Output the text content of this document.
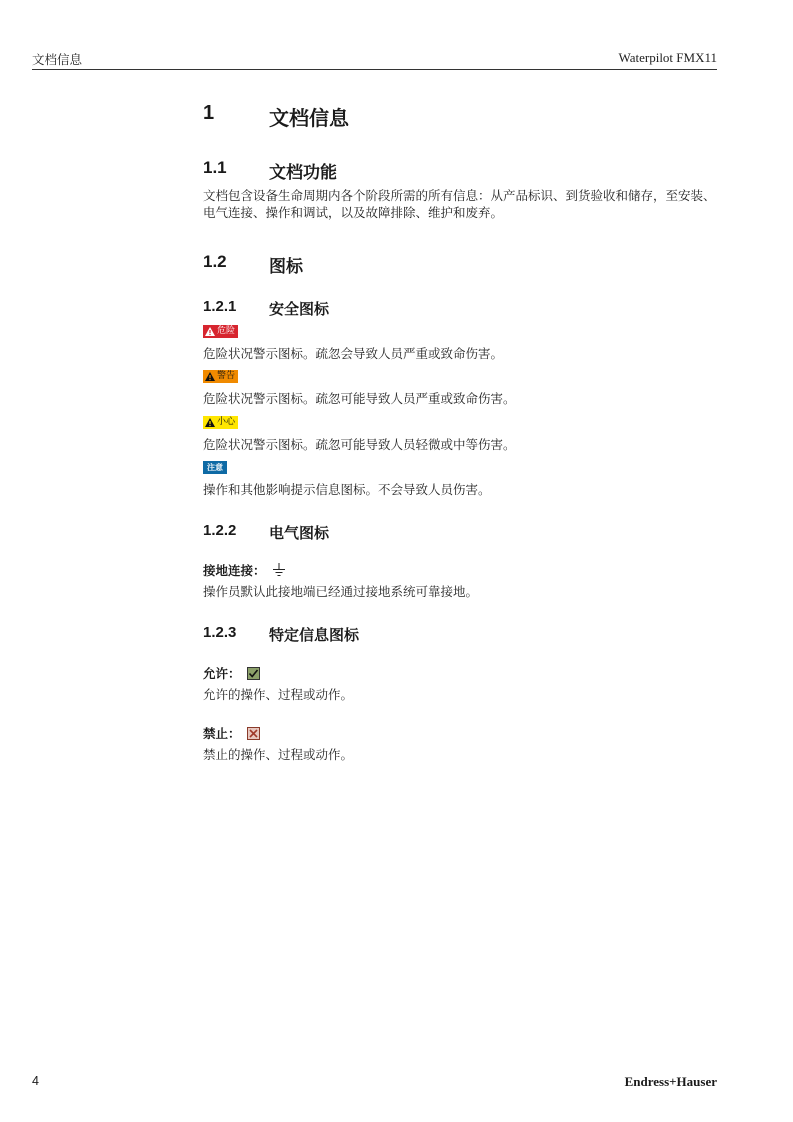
文档信息	Waterpilot FMX11
1	文档信息
1.1 文档功能
文档包含设备生命周期内各个阶段所需的所有信息：从产品标识、到货验收和储存，至安装、电气连接、操作和调试，以及故障排除、维护和废弃。
1.2 图标
1.2.1 安全图标
危险
危险状况警示图标。疏忽会导致人员严重或致命伤害。
警告
危险状况警示图标。疏忽可能导致人员严重或致命伤害。
小心
危险状况警示图标。疏忽可能导致人员轻微或中等伤害。
注意
操作和其他影响提示信息图标。不会导致人员伤害。
1.2.2 电气图标
接地连接：
操作员默认此接地端已经通过接地系统可靠接地。
1.2.3 特定信息图标
允许：
允许的操作、过程或动作。
禁止：
禁止的操作、过程或动作。
4	Endress+Hauser
